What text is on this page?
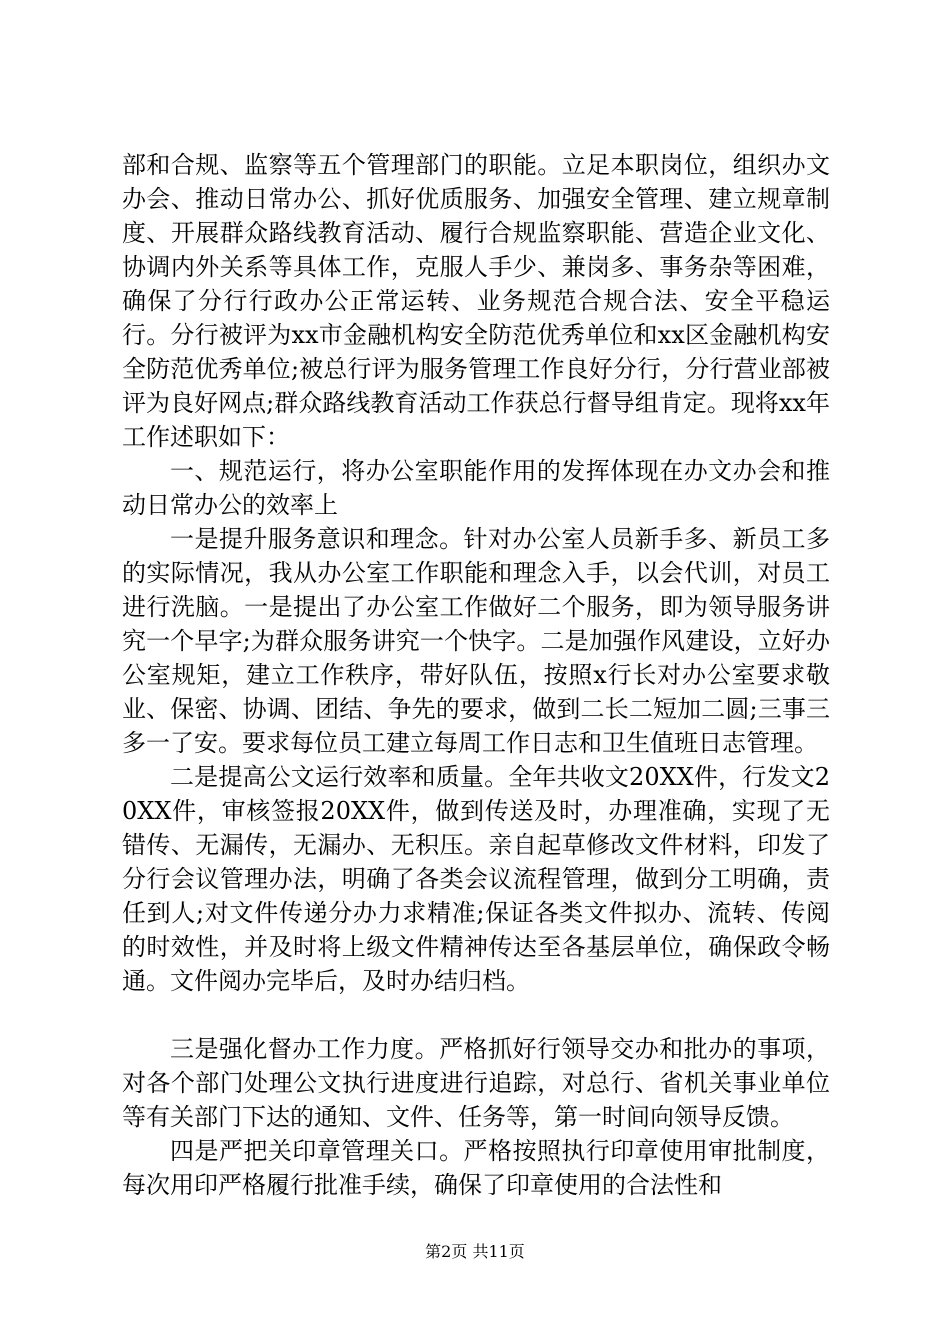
部和合规、监察等五个管理部门的职能。立足本职岗位，组织办文办会、推动日常办公、抓好优质服务、加强安全管理、建立规章制度、开展群众路线教育活动、履行合规监察职能、营造企业文化、协调内外关系等具体工作，克服人手少、兼岗多、事务杂等困难，确保了分行行政办公正常运转、业务规范合规合法、安全平稳运行。分行被评为xx市金融机构安全防范优秀单位和xx区金融机构安全防范优秀单位;被总行评为服务管理工作良好分行，分行营业部被评为良好网点;群众路线教育活动工作获总行督导组肯定。现将xx年工作述职如下：

一、规范运行，将办公室职能作用的发挥体现在办文办会和推动日常办公的效率上

一是提升服务意识和理念。针对办公室人员新手多、新员工多的实际情况，我从办公室工作职能和理念入手，以会代训，对员工进行洗脑。一是提出了办公室工作做好二个服务，即为领导服务讲究一个早字;为群众服务讲究一个快字。二是加强作风建设，立好办公室规矩，建立工作秩序，带好队伍，按照x行长对办公室要求敬业、保密、协调、团结、争先的要求，做到二长二短加二圆;三事三多一了安。要求每位员工建立每周工作日志和卫生值班日志管理。

二是提高公文运行效率和质量。全年共收文20XX件，行发文20XX件，审核签报20XX件，做到传送及时，办理准确，实现了无错传、无漏传，无漏办、无积压。亲自起草修改文件材料，印发了分行会议管理办法，明确了各类会议流程管理，做到分工明确，责任到人;对文件传递分办力求精准;保证各类文件拟办、流转、传阅的时效性，并及时将上级文件精神传达至各基层单位，确保政令畅通。文件阅办完毕后，及时办结归档。

三是强化督办工作力度。严格抓好行领导交办和批办的事项，对各个部门处理公文执行进度进行追踪，对总行、省机关事业单位等有关部门下达的通知、文件、任务等，第一时间向领导反馈。

四是严把关印章管理关口。严格按照执行印章使用审批制度，每次用印严格履行批准手续，确保了印章使用的合法性和

第2页 共11页
